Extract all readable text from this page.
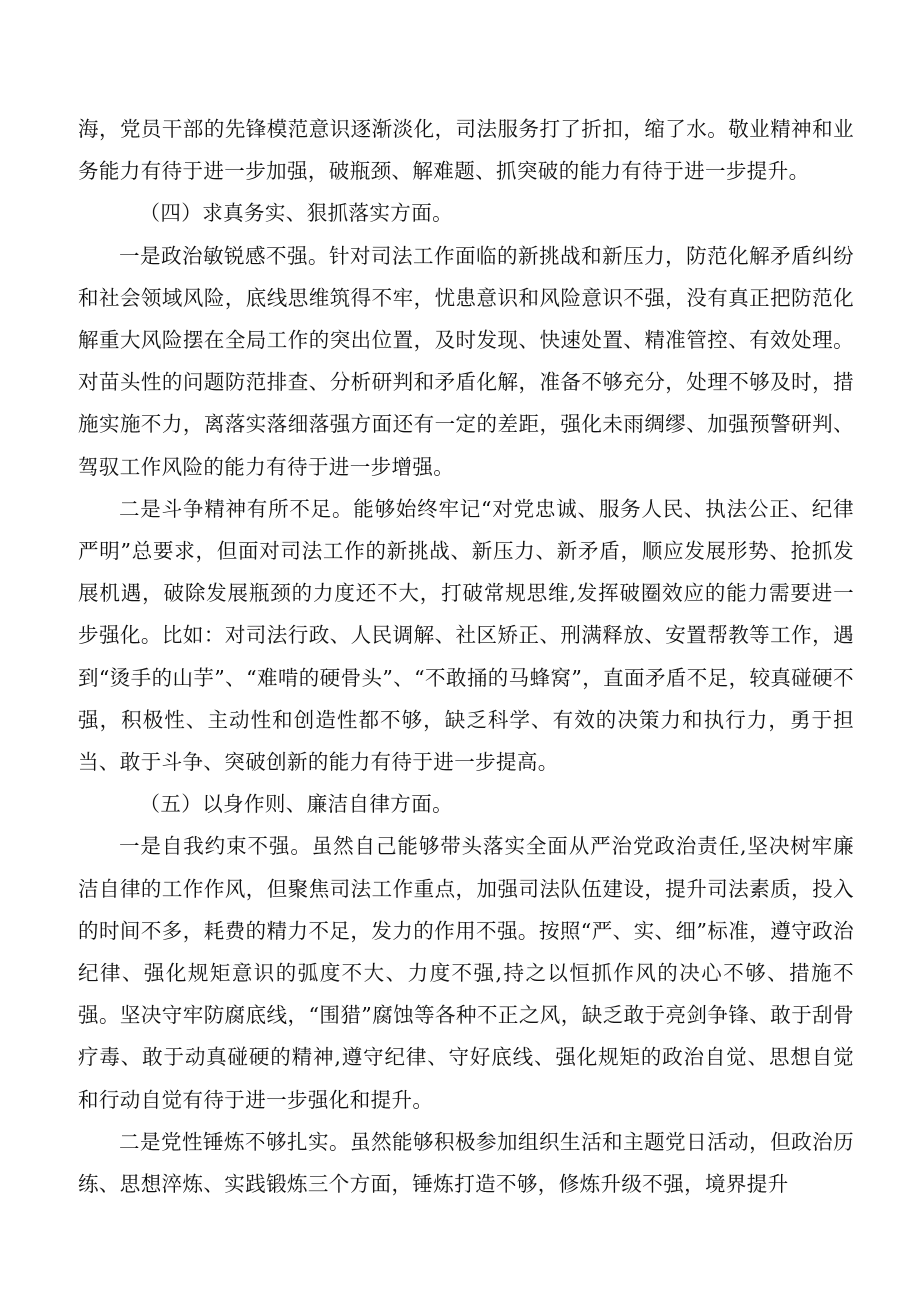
海，党员干部的先锋模范意识逐渐淡化，司法服务打了折扣，缩了水。敬业精神和业务能力有待于进一步加强，破瓶颈、解难题、抓突破的能力有待于进一步提升。

（四）求真务实、狠抓落实方面。

一是政治敏锐感不强。针对司法工作面临的新挑战和新压力，防范化解矛盾纠纷和社会领域风险，底线思维筑得不牢，忧患意识和风险意识不强，没有真正把防范化解重大风险摆在全局工作的突出位置，及时发现、快速处置、精准管控、有效处理。对苗头性的问题防范排查、分析研判和矛盾化解，准备不够充分，处理不够及时，措施实施不力，离落实落细落强方面还有一定的差距，强化未雨绸缪、加强预警研判、驾驭工作风险的能力有待于进一步增强。

二是斗争精神有所不足。能够始终牢记“对党忠诚、服务人民、执法公正、纪律严明”总要求，但面对司法工作的新挑战、新压力、新矛盾，顺应发展形势、抢抓发展机遇，破除发展瓶颈的力度还不大，打破常规思维,发挥破圈效应的能力需要进一步强化。比如：对司法行政、人民调解、社区矫正、刑满释放、安置帮教等工作，遇到“烫手的山芋”、“难啃的硬骨头”、“不敢捅的马蜂窝”，直面矛盾不足，较真碰硬不强，积极性、主动性和创造性都不够，缺乏科学、有效的决策力和执行力，勇于担当、敢于斗争、突破创新的能力有待于进一步提高。

（五）以身作则、廉洁自律方面。

一是自我约束不强。虽然自己能够带头落实全面从严治党政治责任,坚决树牢廉洁自律的工作作风，但聚焦司法工作重点，加强司法队伍建设，提升司法素质，投入的时间不多，耗费的精力不足，发力的作用不强。按照“严、实、细”标准，遵守政治纪律、强化规矩意识的弧度不大、力度不强,持之以恒抓作风的决心不够、措施不强。坚决守牢防腐底线，“围猎”腐蚀等各种不正之风，缺乏敢于亮剑争锋、敢于刮骨疗毒、敢于动真碰硬的精神,遵守纪律、守好底线、强化规矩的政治自觉、思想自觉和行动自觉有待于进一步强化和提升。

二是党性锤炼不够扎实。虽然能够积极参加组织生活和主题党日活动，但政治历练、思想淬炼、实践锻炼三个方面，锤炼打造不够，修炼升级不强，境界提升
